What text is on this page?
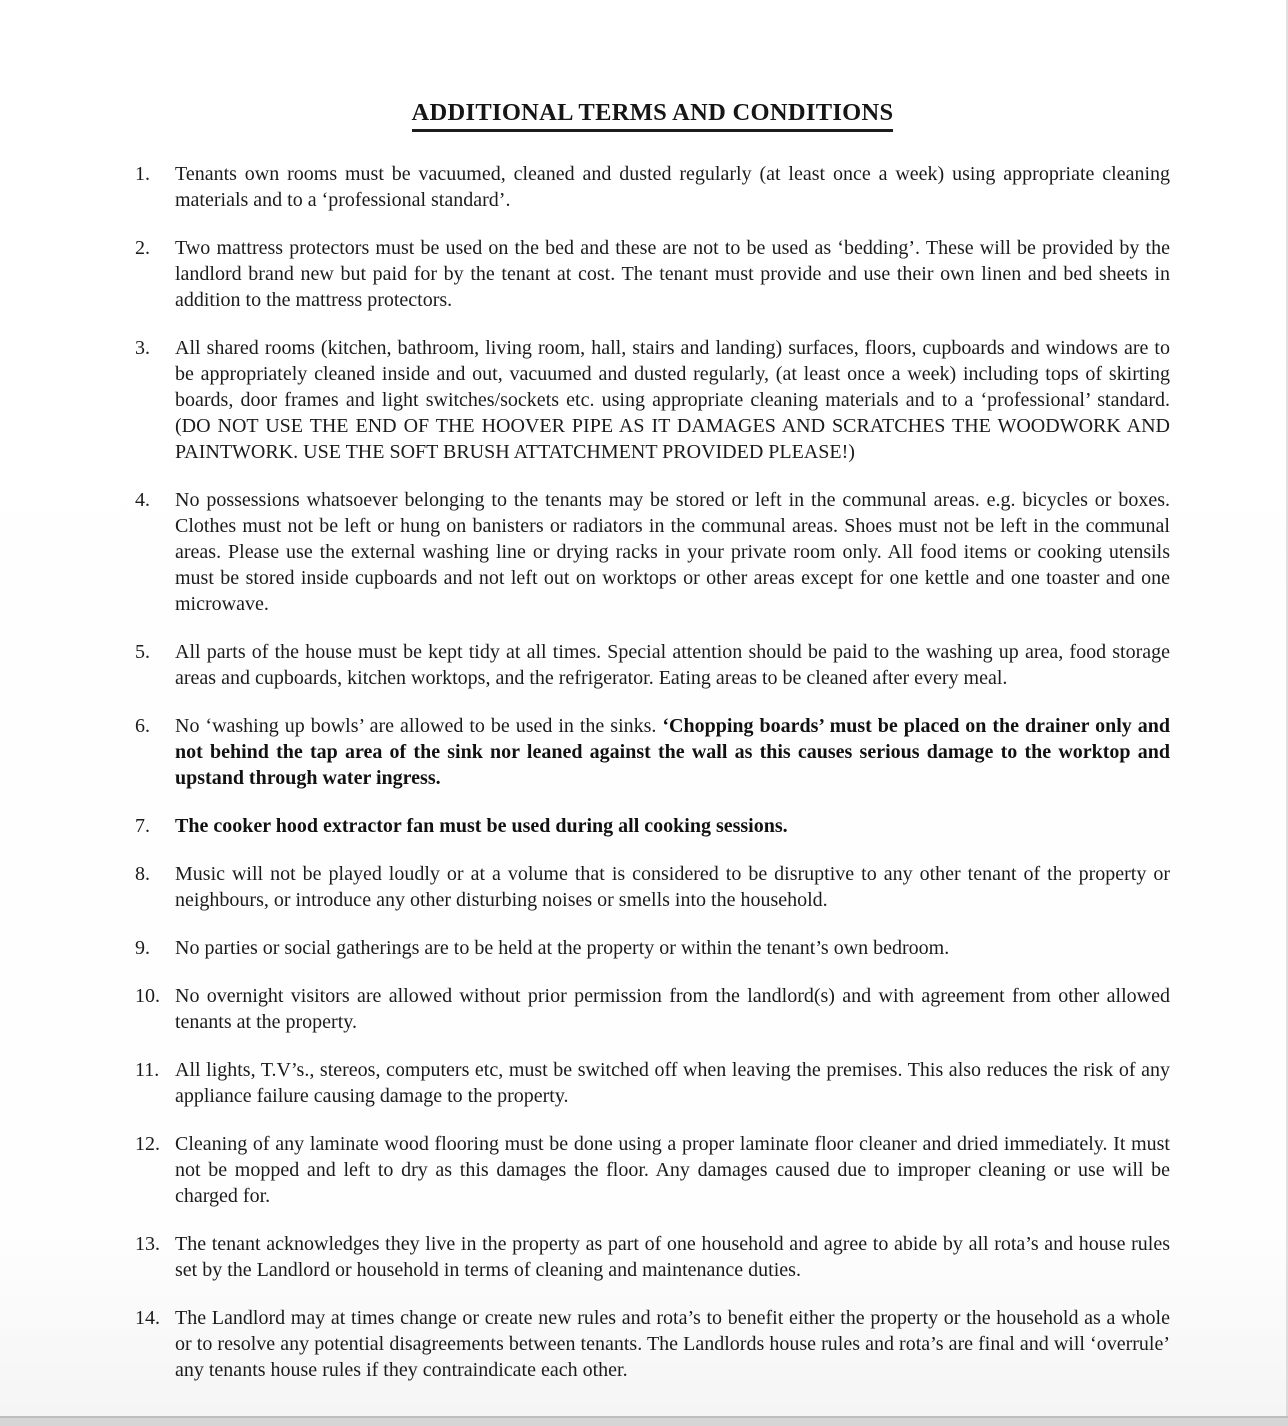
ADDITIONAL TERMS AND CONDITIONS
1.	Tenants own rooms must be vacuumed, cleaned and dusted regularly (at least once a week) using appropriate cleaning materials and to a ‘professional standard’.
2.	Two mattress protectors must be used on the bed and these are not to be used as ‘bedding’. These will be provided by the landlord brand new but paid for by the tenant at cost. The tenant must provide and use their own linen and bed sheets in addition to the mattress protectors.
3.	All shared rooms (kitchen, bathroom, living room, hall, stairs and landing) surfaces, floors, cupboards and windows are to be appropriately cleaned inside and out, vacuumed and dusted regularly, (at least once a week) including tops of skirting boards, door frames and light switches/sockets etc. using appropriate cleaning materials and to a ‘professional’ standard. (DO NOT USE THE END OF THE HOOVER PIPE AS IT DAMAGES AND SCRATCHES THE WOODWORK AND PAINTWORK. USE THE SOFT BRUSH ATTATCHMENT PROVIDED PLEASE!)
4.	No possessions whatsoever belonging to the tenants may be stored or left in the communal areas. e.g. bicycles or boxes. Clothes must not be left or hung on banisters or radiators in the communal areas. Shoes must not be left in the communal areas. Please use the external washing line or drying racks in your private room only. All food items or cooking utensils must be stored inside cupboards and not left out on worktops or other areas except for one kettle and one toaster and one microwave.
5.	All parts of the house must be kept tidy at all times. Special attention should be paid to the washing up area, food storage areas and cupboards, kitchen worktops, and the refrigerator. Eating areas to be cleaned after every meal.
6.	No ‘washing up bowls’ are allowed to be used in the sinks. ‘Chopping boards’ must be placed on the drainer only and not behind the tap area of the sink nor leaned against the wall as this causes serious damage to the worktop and upstand through water ingress.
7.	The cooker hood extractor fan must be used during all cooking sessions.
8.	Music will not be played loudly or at a volume that is considered to be disruptive to any other tenant of the property or neighbours, or introduce any other disturbing noises or smells into the household.
9.	No parties or social gatherings are to be held at the property or within the tenant’s own bedroom.
10. No overnight visitors are allowed without prior permission from the landlord(s) and with agreement from other allowed tenants at the property.
11. All lights, T.V’s., stereos, computers etc, must be switched off when leaving the premises. This also reduces the risk of any appliance failure causing damage to the property.
12. Cleaning of any laminate wood flooring must be done using a proper laminate floor cleaner and dried immediately. It must not be mopped and left to dry as this damages the floor. Any damages caused due to improper cleaning or use will be charged for.
13. The tenant acknowledges they live in the property as part of one household and agree to abide by all rota’s and house rules set by the Landlord or household in terms of cleaning and maintenance duties.
14. The Landlord may at times change or create new rules and rota’s to benefit either the property or the household as a whole or to resolve any potential disagreements between tenants. The Landlords house rules and rota’s are final and will ‘overrule’ any tenants house rules if they contraindicate each other.
